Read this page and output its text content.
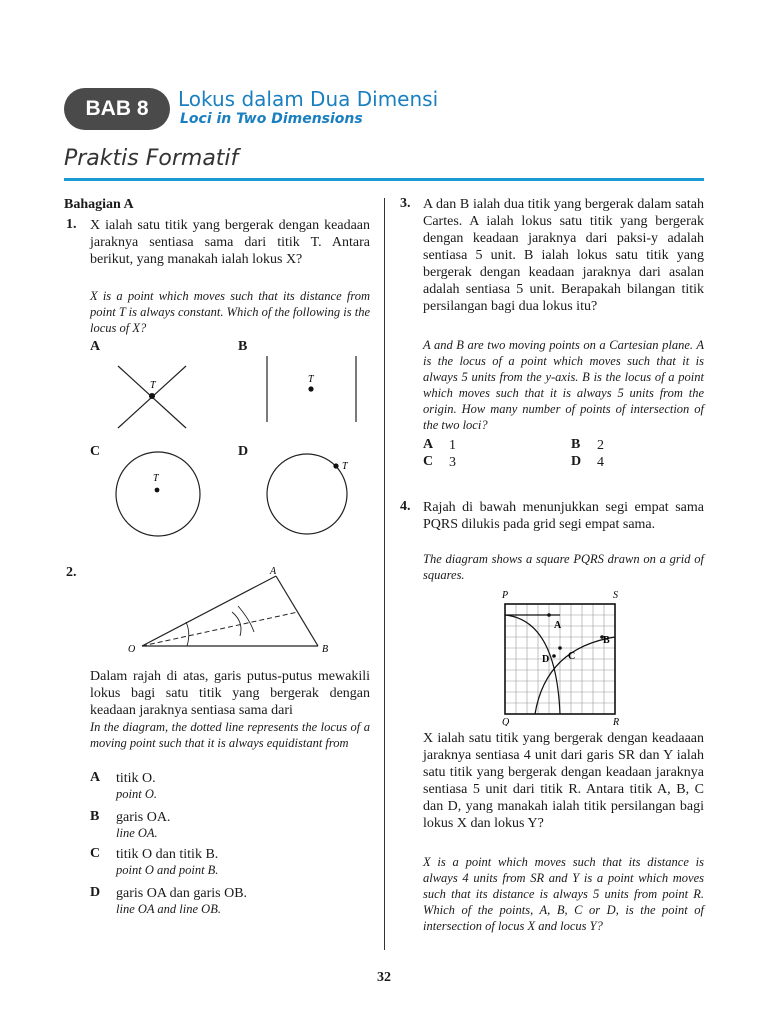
BAB 8	Lokus dalam Dua Dimensi
Loci in Two Dimensions
Praktis Formatif
Bahagian A
1. X ialah satu titik yang bergerak dengan keadaan jaraknya sentiasa sama dari titik T. Antara berikut, yang manakah ialah lokus X?
X is a point which moves such that its distance from point T is always constant. Which of the following is the locus of X?
A	B
C	D
T
T
T
T
2.	A
O	B
Dalam rajah di atas, garis putus-putus mewakili lokus bagi satu titik yang bergerak dengan keadaan jaraknya sentiasa sama dari
In the diagram, the dotted line represents the locus of a moving point such that it is always equidistant from
A titik O.
point O.
B garis OA.
line OA.
C titik O dan titik B.
point O and point B.
D garis OA dan garis OB.
line OA and line OB.
3. A dan B ialah dua titik yang bergerak dalam satah Cartes. A ialah lokus satu titik yang bergerak dengan keadaan jaraknya dari paksi-y adalah sentiasa 5 unit. B ialah lokus satu titik yang bergerak dengan keadaan jaraknya dari asalan adalah sentiasa 5 unit. Berapakah bilangan titik persilangan bagi dua lokus itu?
A and B are two moving points on a Cartesian plane. A is the locus of a point which moves such that it is always 5 units from the y-axis. B is the locus of a point which moves such that it is always 5 units from the origin. How many number of points of intersection of the two loci?
A 1	B 2
C 3	D 4
4. Rajah di bawah menunjukkan segi empat sama PQRS dilukis pada grid segi empat sama.
The diagram shows a square PQRS drawn on a grid of squares.
P	S
Q	R
A
B
C
D
X ialah satu titik yang bergerak dengan keadaaan jaraknya sentiasa 4 unit dari garis SR dan Y ialah satu titik yang bergerak dengan keadaan jaraknya sentiasa 5 unit dari titik R. Antara titik A, B, C dan D, yang manakah ialah titik persilangan bagi lokus X dan lokus Y?
X is a point which moves such that its distance is always 4 units from SR and Y is a point which moves such that its distance is always 5 units from point R. Which of the points, A, B, C or D, is the point of intersection of locus X and locus Y?
32
